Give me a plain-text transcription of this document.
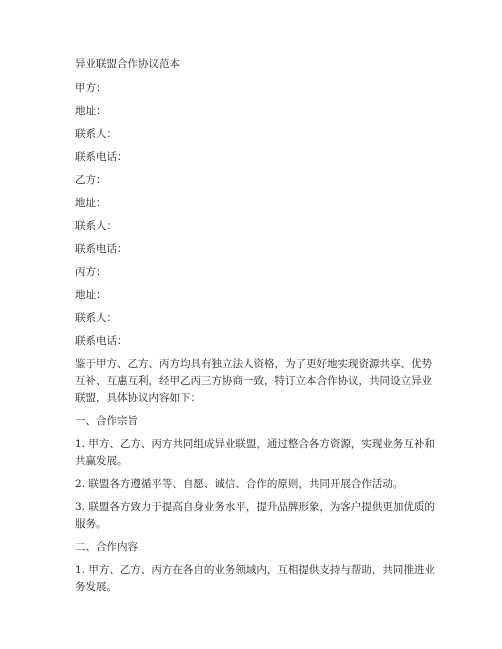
异业联盟合作协议范本
甲方：
地址：
联系人：
联系电话：
乙方：
地址：
联系人：
联系电话：
丙方：
地址：
联系人：
联系电话：
鉴于甲方、乙方、丙方均具有独立法人资格，为了更好地实现资源共享、优势互补、互惠互利，经甲乙丙三方协商一致，特订立本合作协议，共同设立异业联盟，具体协议内容如下：
一、合作宗旨
1. 甲方、乙方、丙方共同组成异业联盟，通过整合各方资源，实现业务互补和共赢发展。
2. 联盟各方遵循平等、自愿、诚信、合作的原则，共同开展合作活动。
3. 联盟各方致力于提高自身业务水平，提升品牌形象，为客户提供更加优质的服务。
二、合作内容
1. 甲方、乙方、丙方在各自的业务领域内，互相提供支持与帮助，共同推进业务发展。
